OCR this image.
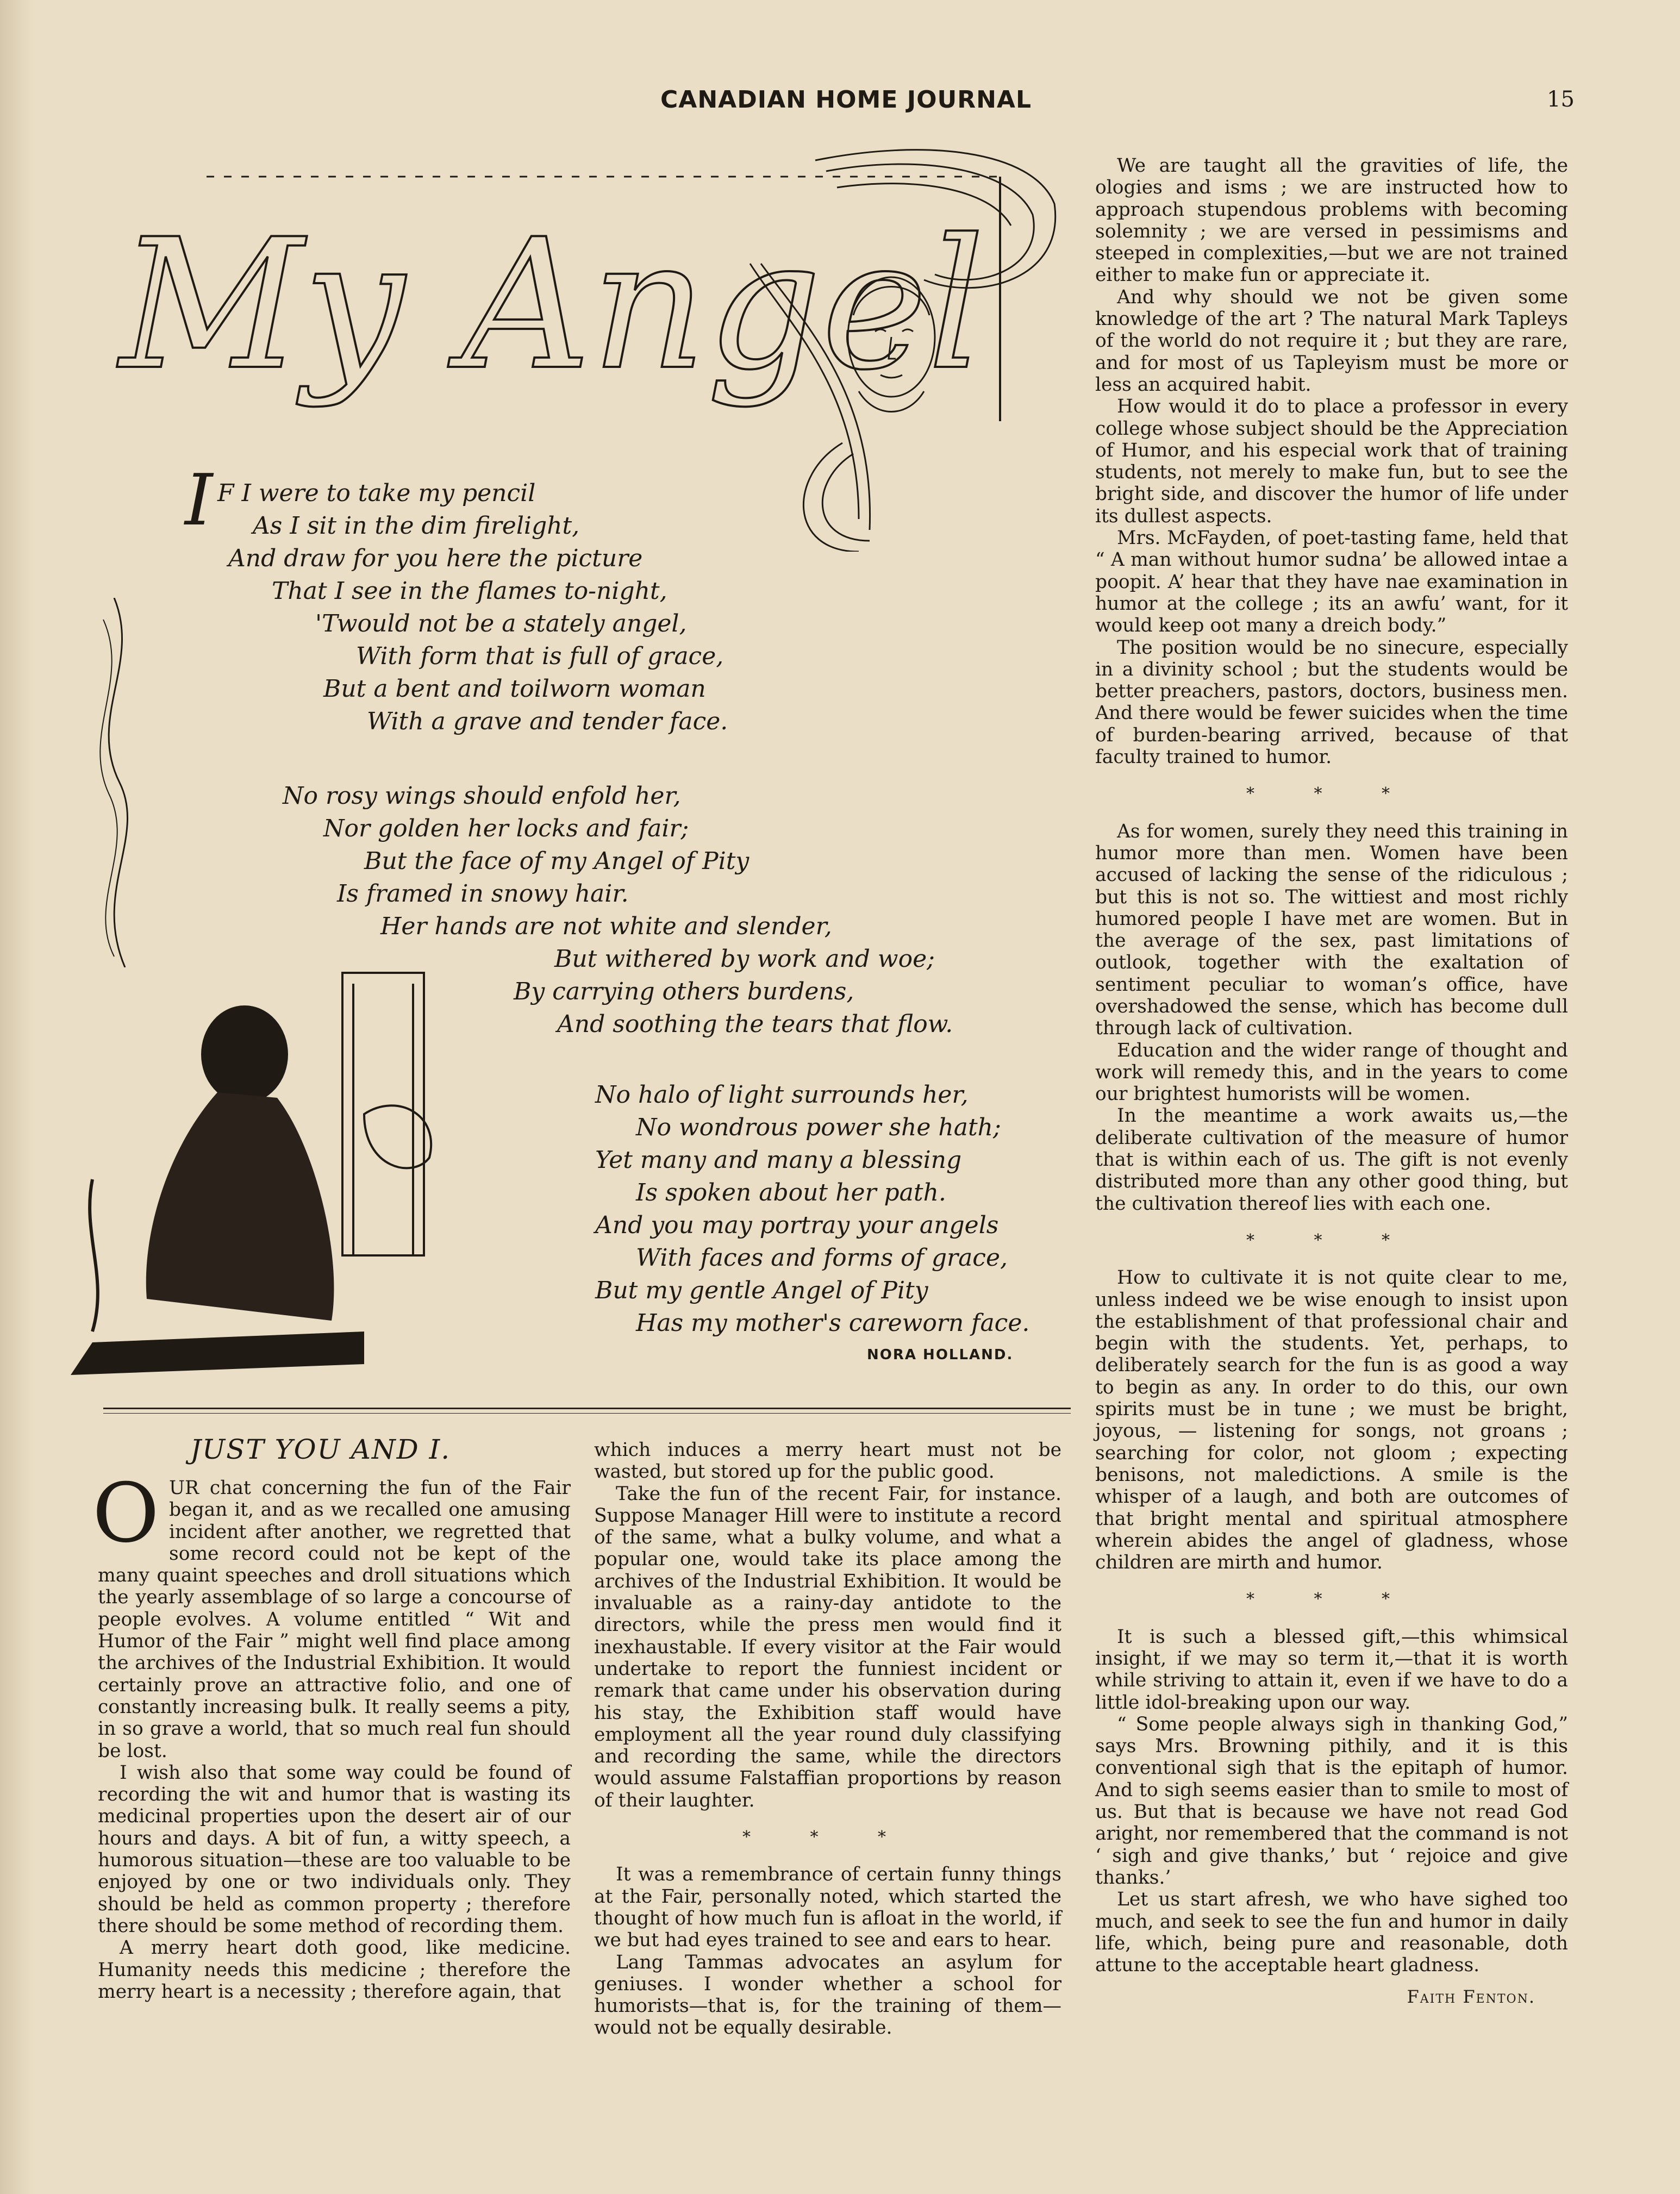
CANADIAN HOME JOURNAL	15
My Angel
I F I were to take my pencil
As I sit in the dim firelight,
And draw for you here the picture
That I see in the flames to-night,
'Twould not be a stately angel,
With form that is full of grace,
But a bent and toilworn woman
With a grave and tender face.
No rosy wings should enfold her,
Nor golden her locks and fair;
But the face of my Angel of Pity
Is framed in snowy hair.
Her hands are not white and slender,
But withered by work and woe;
By carrying others burdens,
And soothing the tears that flow.
No halo of light surrounds her,
No wondrous power she hath;
Yet many and many a blessing
Is spoken about her path.
And you may portray your angels
With faces and forms of grace,
But my gentle Angel of Pity
Has my mother's careworn face.
NORA HOLLAND.
JUST YOU AND I.

OUR chat concerning the fun of the Fair began it, and as we recalled one amusing incident after another, we regretted that some record could not be kept of the many quaint speeches and droll situations which the yearly assemblage of so large a concourse of people evolves. A volume entitled “ Wit and Humor of the Fair ” might well find place among the archives of the Industrial Exhibition. It would certainly prove an attractive folio, and one of constantly increasing bulk. It really seems a pity, in so grave a world, that so much real fun should be lost.

I wish also that some way could be found of recording the wit and humor that is wasting its medicinal properties upon the desert air of our hours and days. A bit of fun, a witty speech, a humorous situation—these are too valuable to be enjoyed by one or two individuals only. They should be held as common property ; therefore there should be some method of recording them.

A merry heart doth good, like medicine. Humanity needs this medicine ; therefore the merry heart is a necessity ; therefore again, that

which induces a merry heart must not be wasted, but stored up for the public good.

Take the fun of the recent Fair, for instance. Suppose Manager Hill were to institute a record of the same, what a bulky volume, and what a popular one, would take its place among the archives of the Industrial Exhibition. It would be invaluable as a rainy-day antidote to the directors, while the press men would find it inexhaustable. If every visitor at the Fair would undertake to report the funniest incident or remark that came under his observation during his stay, the Exhibition staff would have employment all the year round duly classifying and recording the same, while the directors would assume Falstaffian proportions by reason of their laughter.

* * *

It was a remembrance of certain funny things at the Fair, personally noted, which started the thought of how much fun is afloat in the world, if we but had eyes trained to see and ears to hear.

Lang Tammas advocates an asylum for geniuses. I wonder whether a school for humorists—that is, for the training of them—would not be equally desirable.

We are taught all the gravities of life, the ologies and isms ; we are instructed how to approach stupendous problems with becoming solemnity ; we are versed in pessimisms and steeped in complexities,—but we are not trained either to make fun or appreciate it.

And why should we not be given some knowledge of the art ? The natural Mark Tapleys of the world do not require it ; but they are rare, and for most of us Tapleyism must be more or less an acquired habit.

How would it do to place a professor in every college whose subject should be the Appreciation of Humor, and his especial work that of training students, not merely to make fun, but to see the bright side, and discover the humor of life under its dullest aspects.

Mrs. McFayden, of poet-tasting fame, held that “ A man without humor sudna’ be allowed intae a poopit. A’ hear that they have nae examination in humor at the college ; its an awfu’ want, for it would keep oot many a dreich body.”

The position would be no sinecure, especially in a divinity school ; but the students would be better preachers, pastors, doctors, business men. And there would be fewer suicides when the time of burden-bearing arrived, because of that faculty trained to humor.

* * *

As for women, surely they need this training in humor more than men. Women have been accused of lacking the sense of the ridiculous ; but this is not so. The wittiest and most richly humored people I have met are women. But in the average of the sex, past limitations of outlook, together with the exaltation of sentiment peculiar to woman’s office, have overshadowed the sense, which has become dull through lack of cultivation.

Education and the wider range of thought and work will remedy this, and in the years to come our brightest humorists will be women.

In the meantime a work awaits us,—the deliberate cultivation of the measure of humor that is within each of us. The gift is not evenly distributed more than any other good thing, but the cultivation thereof lies with each one.

* * *

How to cultivate it is not quite clear to me, unless indeed we be wise enough to insist upon the establishment of that professional chair and begin with the students. Yet, perhaps, to deliberately search for the fun is as good a way to begin as any. In order to do this, our own spirits must be in tune ; we must be bright, joyous, — listening for songs, not groans ; searching for color, not gloom ; expecting benisons, not maledictions. A smile is the whisper of a laugh, and both are outcomes of that bright mental and spiritual atmosphere wherein abides the angel of gladness, whose children are mirth and humor.

* * *

It is such a blessed gift,—this whimsical insight, if we may so term it,—that it is worth while striving to attain it, even if we have to do a little idol-breaking upon our way.

“ Some people always sigh in thanking God,” says Mrs. Browning pithily, and it is this conventional sigh that is the epitaph of humor. And to sigh seems easier than to smile to most of us. But that is because we have not read God aright, nor remembered that the command is not ‘ sigh and give thanks,’ but ‘ rejoice and give thanks.’

Let us start afresh, we who have sighed too much, and seek to see the fun and humor in daily life, which, being pure and reasonable, doth attune to the acceptable heart gladness.

Faith Fenton.
